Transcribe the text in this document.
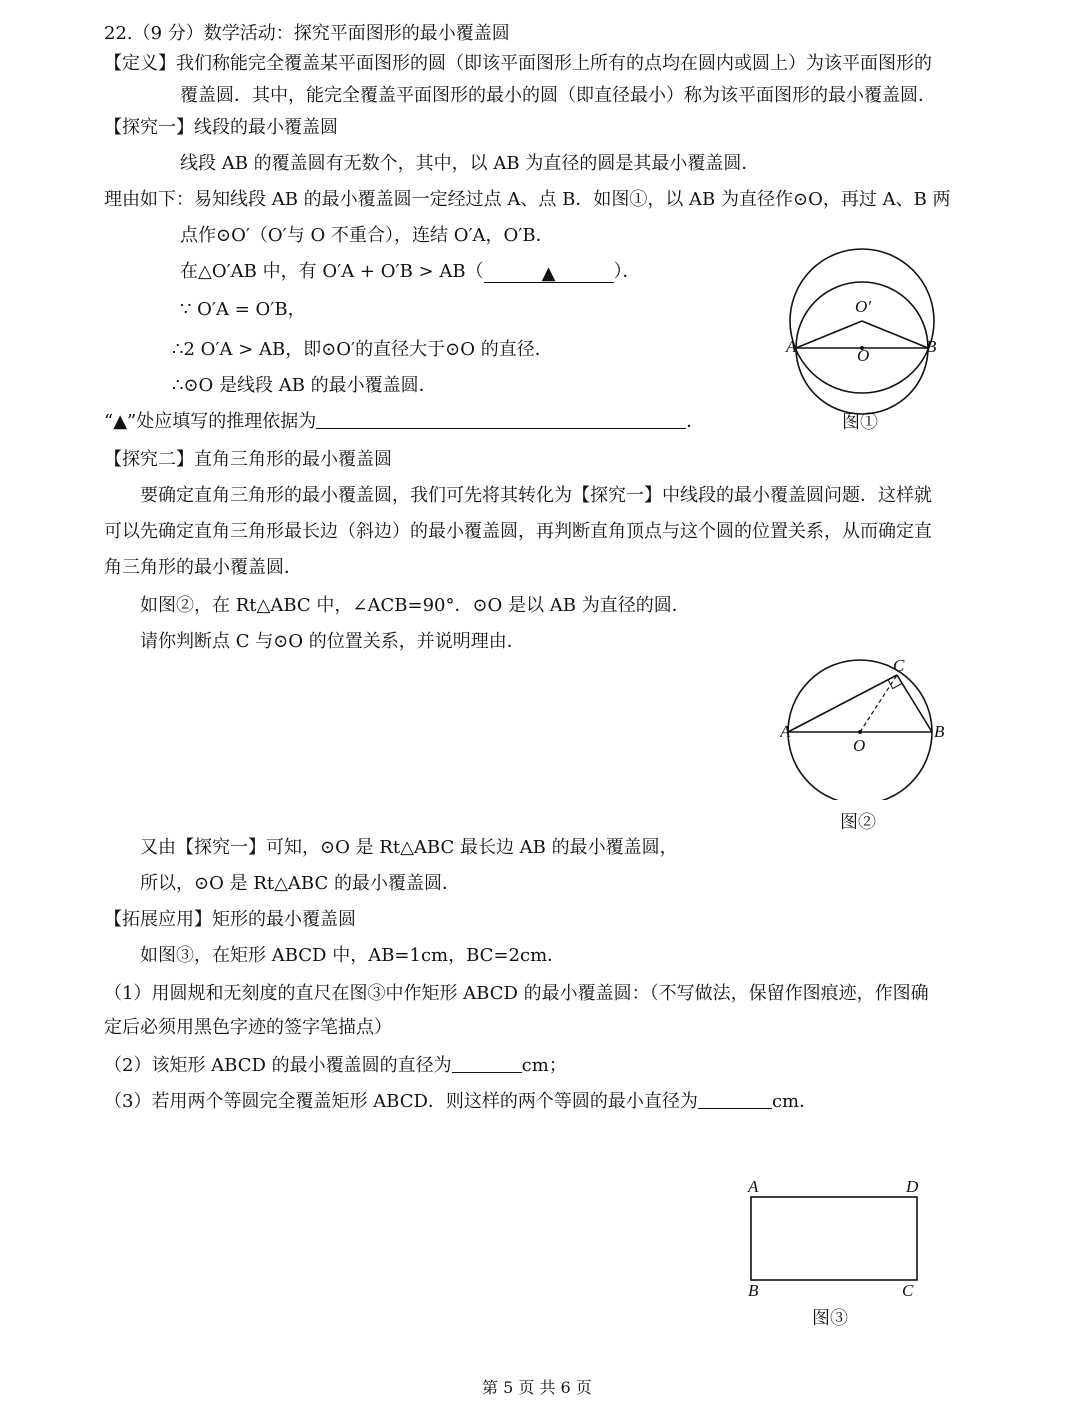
22.（9 分）数学活动：探究平面图形的最小覆盖圆
【定义】我们称能完全覆盖某平面图形的圆（即该平面图形上所有的点均在圆内或圆上）为该平面图形的
覆盖圆．其中，能完全覆盖平面图形的最小的圆（即直径最小）称为该平面图形的最小覆盖圆．
【探究一】线段的最小覆盖圆
线段 AB 的覆盖圆有无数个，其中，以 AB 为直径的圆是其最小覆盖圆．
理由如下：易知线段 AB 的最小覆盖圆一定经过点 A、点 B．如图①，以 AB 为直径作⊙O，再过 A、B 两
点作⊙O′（O′与 O 不重合），连结 O′A，O′B．
在△O′AB 中，有 O′A + O′B > AB（	▲	）．
∵ O′A = O′B，
∴2 O′A > AB，即⊙O′的直径大于⊙O 的直径．
∴⊙O 是线段 AB 的最小覆盖圆．
“▲”处应填写的推理依据为	．
【探究二】直角三角形的最小覆盖圆
要确定直角三角形的最小覆盖圆，我们可先将其转化为【探究一】中线段的最小覆盖圆问题．这样就
可以先确定直角三角形最长边（斜边）的最小覆盖圆，再判断直角顶点与这个圆的位置关系，从而确定直
角三角形的最小覆盖圆．
如图②，在 Rt△ABC 中，∠ACB=90°．⊙O 是以 AB 为直径的圆．
请你判断点 C 与⊙O 的位置关系，并说明理由．
又由【探究一】可知，⊙O 是 Rt△ABC 最长边 AB 的最小覆盖圆，
所以，⊙O 是 Rt△ABC 的最小覆盖圆．
【拓展应用】矩形的最小覆盖圆
如图③，在矩形 ABCD 中，AB=1cm，BC=2cm．
（1）用圆规和无刻度的直尺在图③中作矩形 ABCD 的最小覆盖圆：（不写做法，保留作图痕迹，作图确
定后必须用黑色字迹的签字笔描点）
（2）该矩形 ABCD 的最小覆盖圆的直径为	cm；
（3）若用两个等圆完全覆盖矩形 ABCD．则这样的两个等圆的最小直径为	cm．
A	B
O
O′
图①
A	B
C
O
图②
A	D
B	C
图③
第 5 页 共 6 页
